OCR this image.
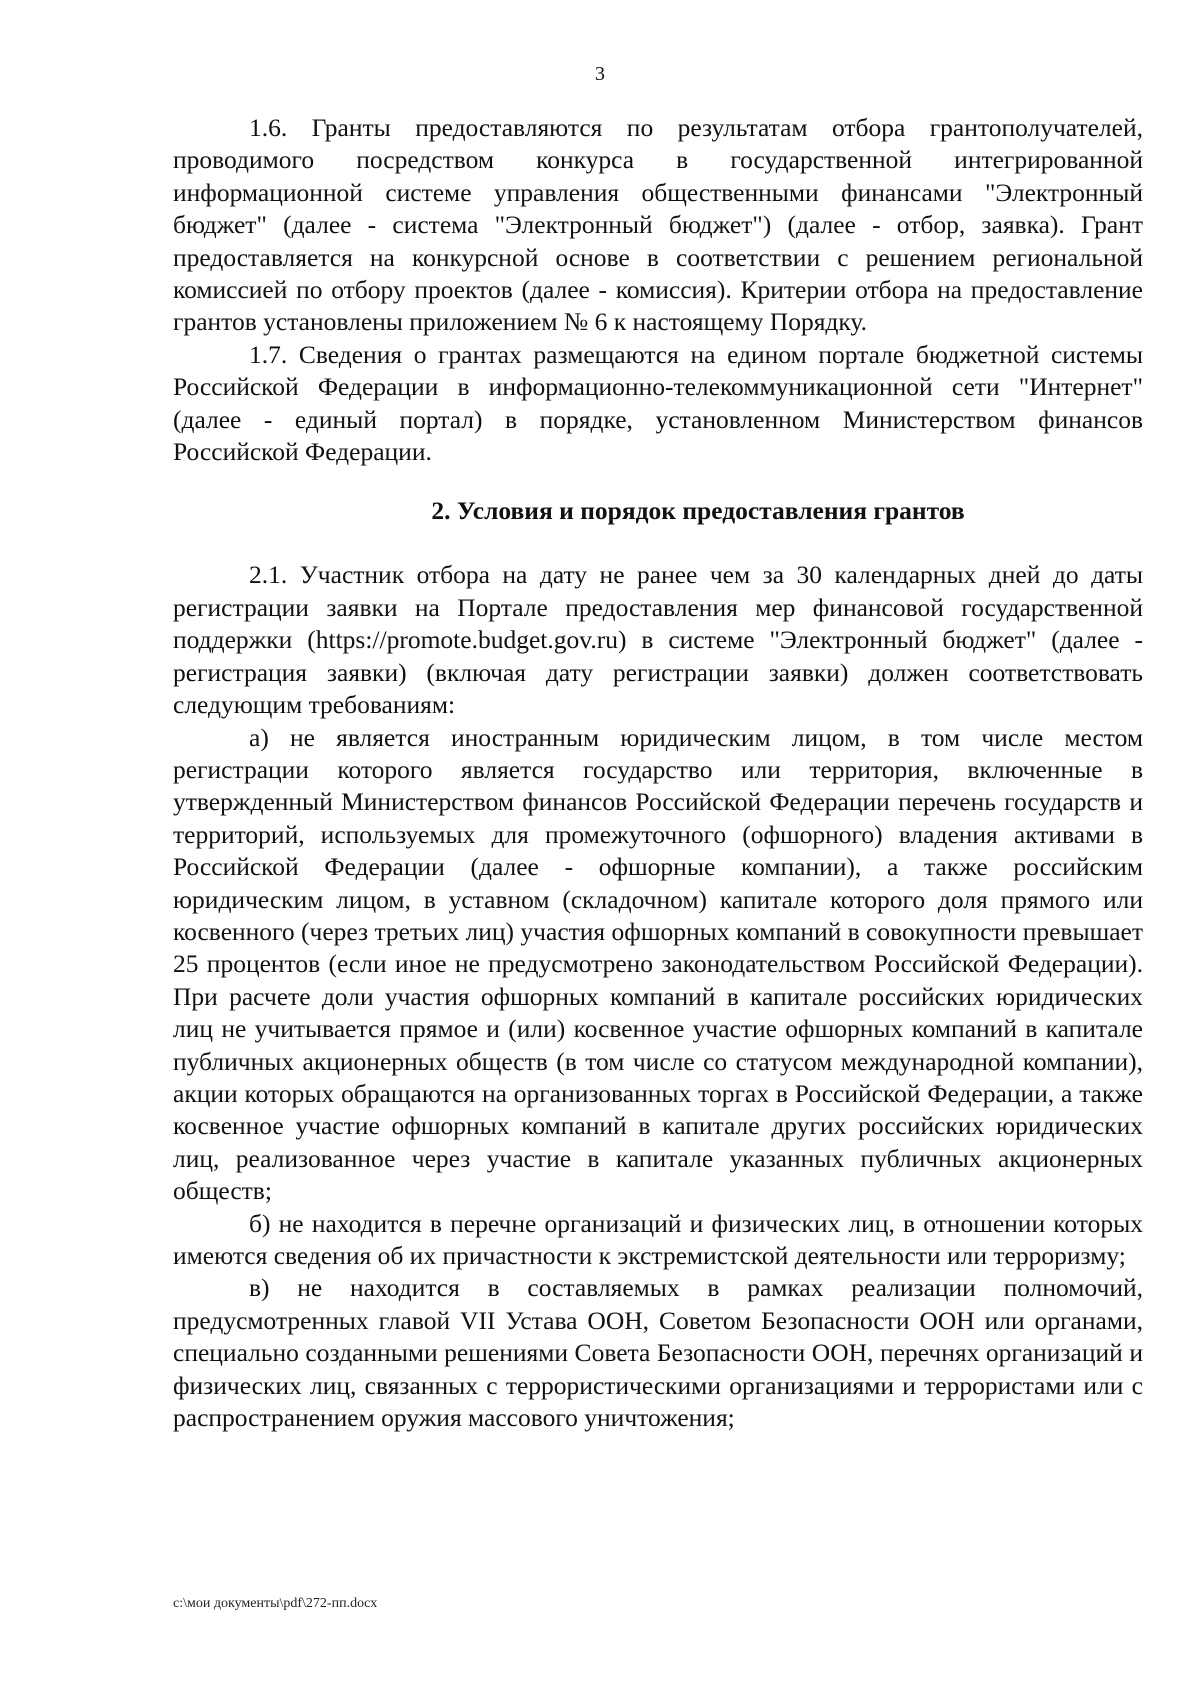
3

1.6. Гранты предоставляются по результатам отбора грантополучателей, проводимого посредством конкурса в государственной интегрированной информационной системе управления общественными финансами "Электронный бюджет" (далее - система "Электронный бюджет") (далее - отбор, заявка). Грант предоставляется на конкурсной основе в соответствии с решением региональной комиссией по отбору проектов (далее - комиссия). Критерии отбора на предоставление грантов установлены приложением № 6 к настоящему Порядку.

1.7. Сведения о грантах размещаются на едином портале бюджетной системы Российской Федерации в информационно-телекоммуникационной сети "Интернет" (далее - единый портал) в порядке, установленном Министерством финансов Российской Федерации.

2. Условия и порядок предоставления грантов

2.1. Участник отбора на дату не ранее чем за 30 календарных дней до даты регистрации заявки на Портале предоставления мер финансовой государственной поддержки (https://promote.budget.gov.ru) в системе "Электронный бюджет" (далее - регистрация заявки) (включая дату регистрации заявки) должен соответствовать следующим требованиям:

а) не является иностранным юридическим лицом, в том числе местом регистрации которого является государство или территория, включенные в утвержденный Министерством финансов Российской Федерации перечень государств и территорий, используемых для промежуточного (офшорного) владения активами в Российской Федерации (далее - офшорные компании), а также российским юридическим лицом, в уставном (складочном) капитале которого доля прямого или косвенного (через третьих лиц) участия офшорных компаний в совокупности превышает 25 процентов (если иное не предусмотрено законодательством Российской Федерации). При расчете доли участия офшорных компаний в капитале российских юридических лиц не учитывается прямое и (или) косвенное участие офшорных компаний в капитале публичных акционерных обществ (в том числе со статусом международной компании), акции которых обращаются на организованных торгах в Российской Федерации, а также косвенное участие офшорных компаний в капитале других российских юридических лиц, реализованное через участие в капитале указанных публичных акционерных обществ;

б) не находится в перечне организаций и физических лиц, в отношении которых имеются сведения об их причастности к экстремистской деятельности или терроризму;

в) не находится в составляемых в рамках реализации полномочий, предусмотренных главой VII Устава ООН, Советом Безопасности ООН или органами, специально созданными решениями Совета Безопасности ООН, перечнях организаций и физических лиц, связанных с террористическими организациями и террористами или с распространением оружия массового уничтожения;

c:\мои документы\pdf\272-пп.docx
